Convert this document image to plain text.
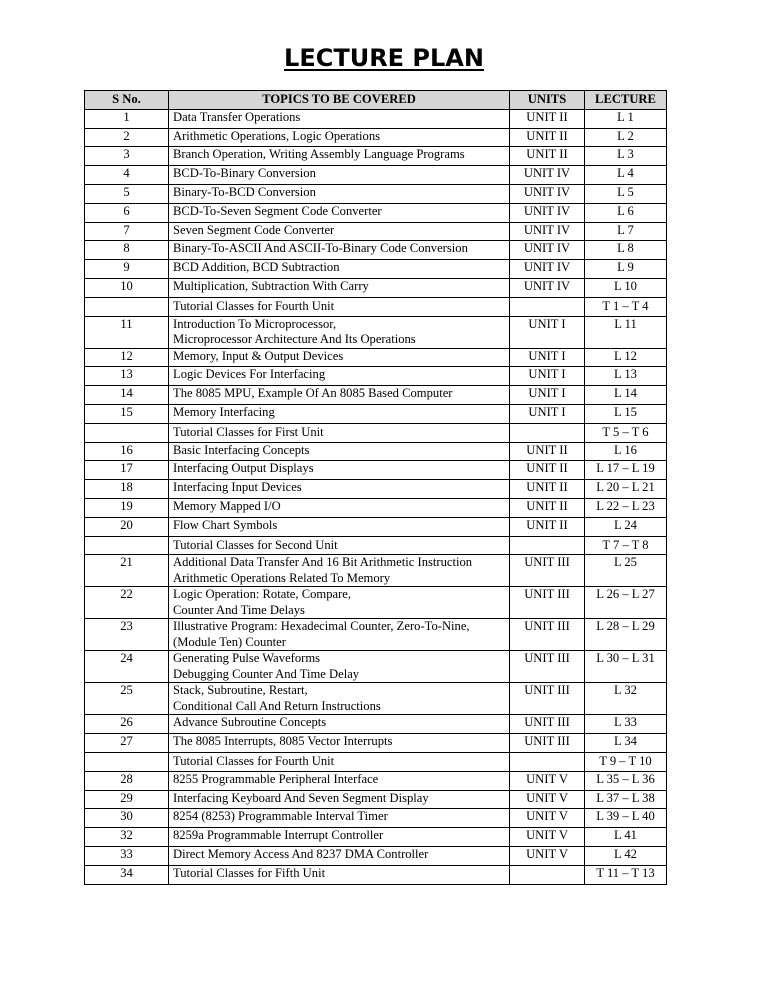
LECTURE PLAN
S No.	TOPICS TO BE COVERED	UNITS	LECTURE
1	Data Transfer Operations	UNIT II	L 1
2	Arithmetic Operations, Logic Operations	UNIT II	L 2
3	Branch Operation, Writing Assembly Language Programs	UNIT II	L 3
4	BCD-To-Binary Conversion	UNIT IV	L 4
5	Binary-To-BCD Conversion	UNIT IV	L 5
6	BCD-To-Seven Segment Code Converter	UNIT IV	L 6
7	Seven Segment Code Converter	UNIT IV	L 7
8	Binary-To-ASCII And ASCII-To-Binary Code Conversion	UNIT IV	L 8
9	BCD Addition, BCD Subtraction	UNIT IV	L 9
10	Multiplication, Subtraction With Carry	UNIT IV	L 10

	Tutorial Classes for Fourth Unit		T 1 – T 4
11	Introduction To Microprocessor,
Microprocessor Architecture And Its Operations	UNIT I	L 11
12	Memory, Input & Output Devices	UNIT I	L 12
13	Logic Devices For Interfacing	UNIT I	L 13
14	The 8085 MPU, Example Of An 8085 Based Computer	UNIT I	L 14
15	Memory Interfacing	UNIT I	L 15

	Tutorial Classes for First Unit		T 5 – T 6
16	Basic Interfacing Concepts	UNIT II	L 16
17	Interfacing Output Displays	UNIT II	L 17 – L 19
18	Interfacing Input Devices	UNIT II	L 20 – L 21
19	Memory Mapped I/O	UNIT II	L 22 – L 23
20	Flow Chart Symbols	UNIT II	L 24

	Tutorial Classes for Second Unit		T 7 – T 8
21	Additional Data Transfer And 16 Bit Arithmetic Instruction
Arithmetic Operations Related To Memory	UNIT III	L 25
22	Logic Operation: Rotate, Compare,
Counter And Time Delays	UNIT III	L 26 – L 27
23	Illustrative Program: Hexadecimal Counter, Zero-To-Nine,
(Module Ten) Counter	UNIT III	L 28 – L 29
24	Generating Pulse Waveforms
Debugging Counter And Time Delay	UNIT III	L 30 – L 31
25	Stack, Subroutine, Restart,
Conditional Call And Return Instructions	UNIT III	L 32
26	Advance Subroutine Concepts	UNIT III	L 33
27	The 8085 Interrupts, 8085 Vector Interrupts	UNIT III	L 34

	Tutorial Classes for Fourth Unit		T 9 – T 10
28	8255 Programmable Peripheral Interface	UNIT V	L 35 – L 36
29	Interfacing Keyboard And Seven Segment Display	UNIT V	L 37 – L 38
30	8254 (8253) Programmable Interval Timer	UNIT V	L 39 – L 40
32	8259a Programmable Interrupt Controller	UNIT V	L 41
33	Direct Memory Access And 8237 DMA Controller	UNIT V	L 42
34	Tutorial Classes for Fifth Unit		T 11 – T 13
